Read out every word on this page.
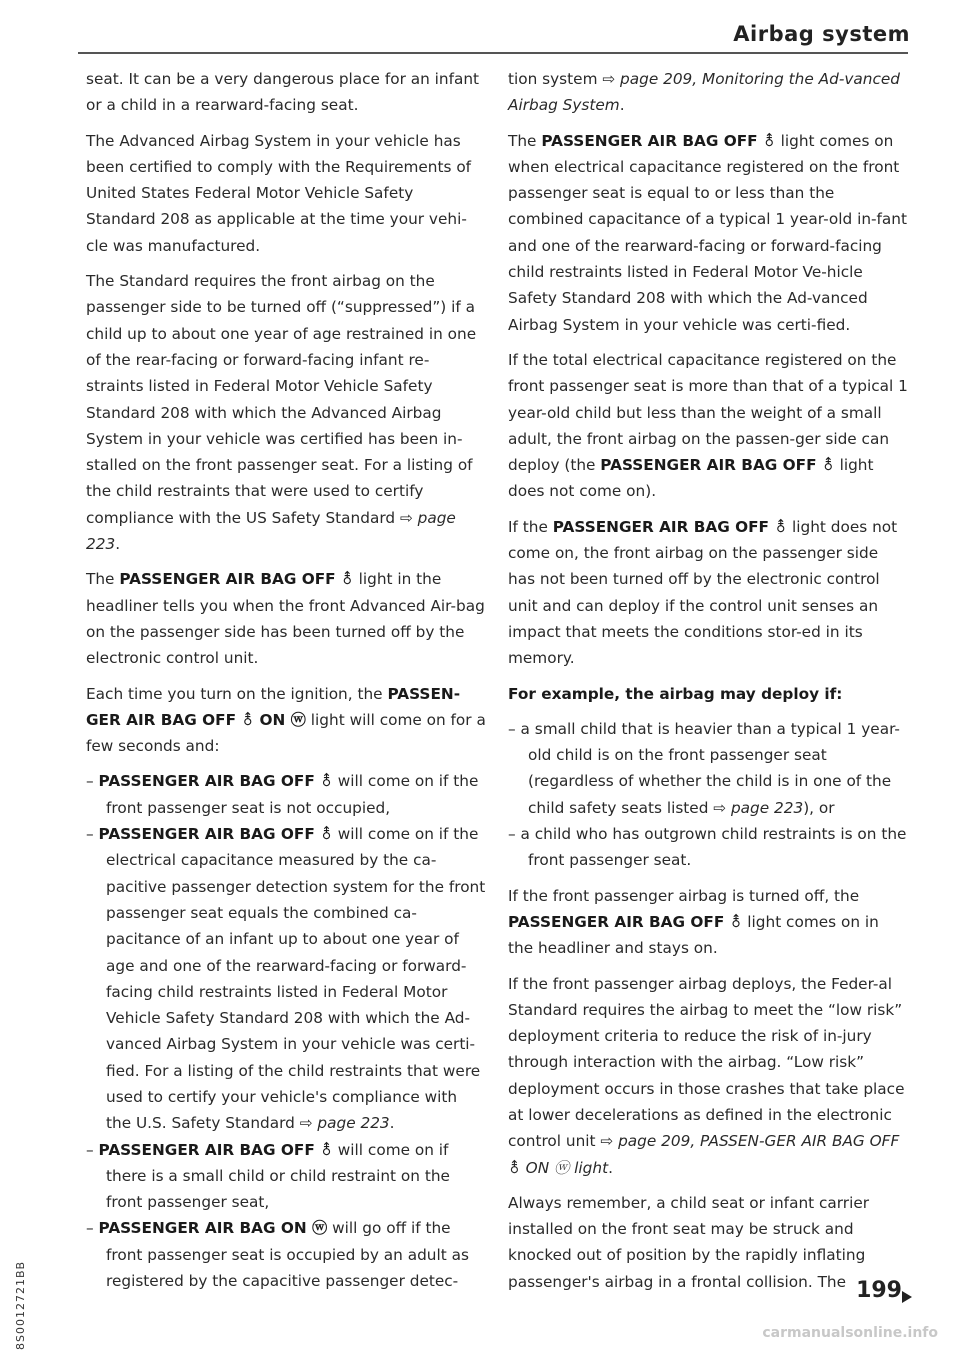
Airbag system

seat. It can be a very dangerous place for an infant or a child in a rearward-facing seat.

The Advanced Airbag System in your vehicle has been certified to comply with the Requirements of United States Federal Motor Vehicle Safety Standard 208 as applicable at the time your vehi-cle was manufactured.

The Standard requires the front airbag on the passenger side to be turned off (“suppressed”) if a child up to about one year of age restrained in one of the rear-facing or forward-facing infant re-straints listed in Federal Motor Vehicle Safety Standard 208 with which the Advanced Airbag System in your vehicle was certified has been in-stalled on the front passenger seat. For a listing of the child restraints that were used to certify compliance with the US Safety Standard ⇨ page 223.

The PASSENGER AIR BAG OFF ⚨ light in the headliner tells you when the front Advanced Air-bag on the passenger side has been turned off by the electronic control unit.

Each time you turn on the ignition, the PASSEN-GER AIR BAG OFF ⚨ ON ⓦ light will come on for a few seconds and:

– PASSENGER AIR BAG OFF ⚨ will come on if the front passenger seat is not occupied,
– PASSENGER AIR BAG OFF ⚨ will come on if the electrical capacitance measured by the ca-pacitive passenger detection system for the front passenger seat equals the combined ca-pacitance of an infant up to about one year of age and one of the rearward-facing or forward-facing child restraints listed in Federal Motor Vehicle Safety Standard 208 with which the Ad-vanced Airbag System in your vehicle was certi-fied. For a listing of the child restraints that were used to certify your vehicle's compliance with the U.S. Safety Standard ⇨ page 223.
– PASSENGER AIR BAG OFF ⚨ will come on if there is a small child or child restraint on the front passenger seat,
– PASSENGER AIR BAG ON ⓦ will go off if the front passenger seat is occupied by an adult as registered by the capacitive passenger detec-

tion system ⇨ page 209, Monitoring the Ad-vanced Airbag System.

The PASSENGER AIR BAG OFF ⚨ light comes on when electrical capacitance registered on the front passenger seat is equal to or less than the combined capacitance of a typical 1 year-old in-fant and one of the rearward-facing or forward-facing child restraints listed in Federal Motor Ve-hicle Safety Standard 208 with which the Ad-vanced Airbag System in your vehicle was certi-fied.

If the total electrical capacitance registered on the front passenger seat is more than that of a typical 1 year-old child but less than the weight of a small adult, the front airbag on the passen-ger side can deploy (the PASSENGER AIR BAG OFF ⚨ light does not come on).

If the PASSENGER AIR BAG OFF ⚨ light does not come on, the front airbag on the passenger side has not been turned off by the electronic control unit and can deploy if the control unit senses an impact that meets the conditions stor-ed in its memory.

For example, the airbag may deploy if:

– a small child that is heavier than a typical 1 year-old child is on the front passenger seat (regardless of whether the child is in one of the child safety seats listed ⇨ page 223), or
– a child who has outgrown child restraints is on the front passenger seat.

If the front passenger airbag is turned off, the PASSENGER AIR BAG OFF ⚨ light comes on in the headliner and stays on.

If the front passenger airbag deploys, the Feder-al Standard requires the airbag to meet the “low risk” deployment criteria to reduce the risk of in-jury through interaction with the airbag. “Low risk” deployment occurs in those crashes that take place at lower decelerations as defined in the electronic control unit ⇨ page 209, PASSEN-GER AIR BAG OFF ⚨ ON ⓦ light.

Always remember, a child seat or infant carrier installed on the front seat may be struck and knocked out of position by the rapidly inflating passenger's airbag in a frontal collision. The

8S0012721BB	199
carmanualsonline.info
